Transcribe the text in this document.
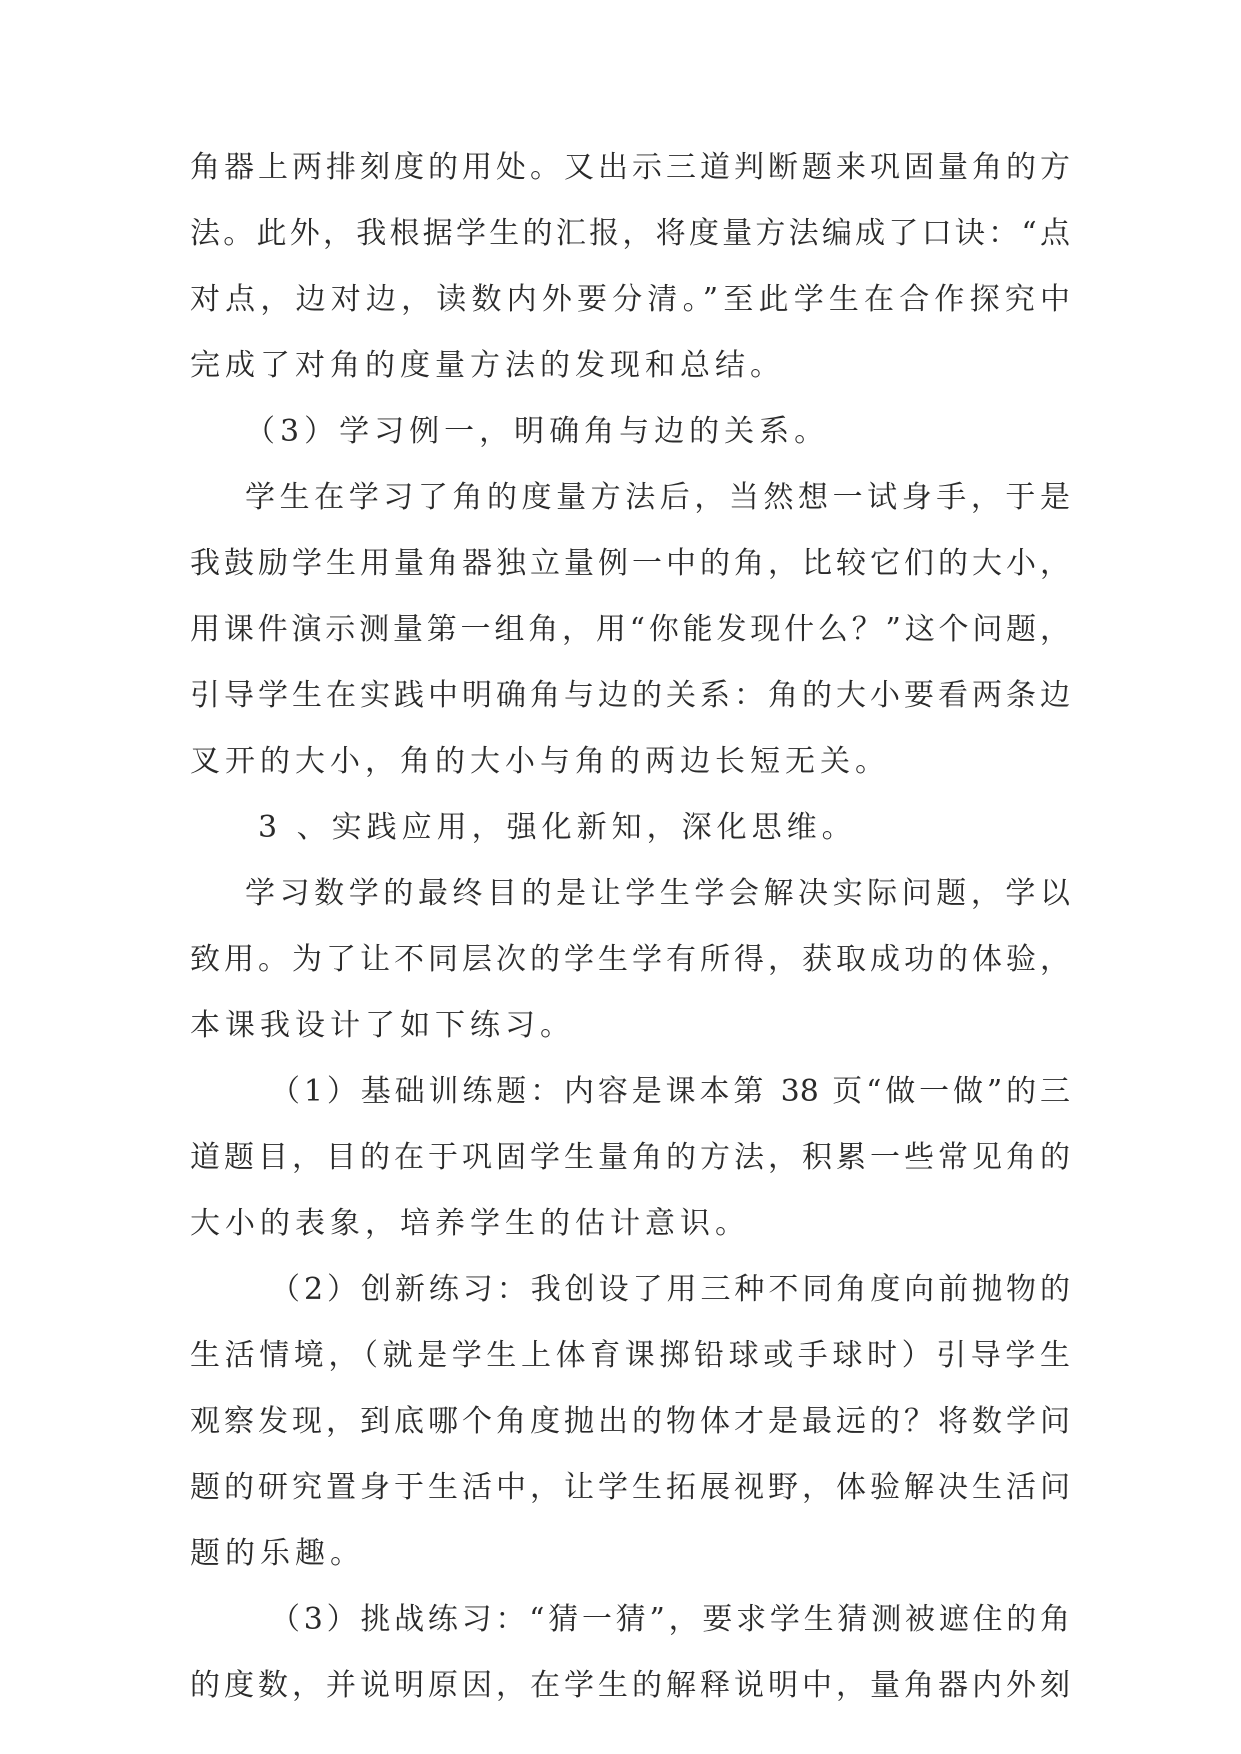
角器上两排刻度的用处。又出示三道判断题来巩固量角的方
法。此外，我根据学生的汇报，将度量方法编成了口诀：“点
对点，边对边，读数内外要分清。”至此学生在合作探究中
完成了对角的度量方法的发现和总结。
（3）学习例一，明确角与边的关系。
学生在学习了角的度量方法后，当然想一试身手，于是
我鼓励学生用量角器独立量例一中的角，比较它们的大小，
用课件演示测量第一组角，用“你能发现什么？”这个问题，
引导学生在实践中明确角与边的关系：角的大小要看两条边
叉开的大小，角的大小与角的两边长短无关。
3 、实践应用，强化新知，深化思维。
学习数学的最终目的是让学生学会解决实际问题，学以
致用。为了让不同层次的学生学有所得，获取成功的体验，
本课我设计了如下练习。
（1）基础训练题：内容是课本第 38 页“做一做”的三
道题目，目的在于巩固学生量角的方法，积累一些常见角的
大小的表象，培养学生的估计意识。
（2）创新练习：我创设了用三种不同角度向前抛物的
生活情境，（就是学生上体育课掷铅球或手球时）引导学生
观察发现，到底哪个角度抛出的物体才是最远的？将数学问
题的研究置身于生活中，让学生拓展视野，体验解决生活问
题的乐趣。
（3）挑战练习：“猜一猜”，要求学生猜测被遮住的角
的度数，并说明原因，在学生的解释说明中，量角器内外刻
